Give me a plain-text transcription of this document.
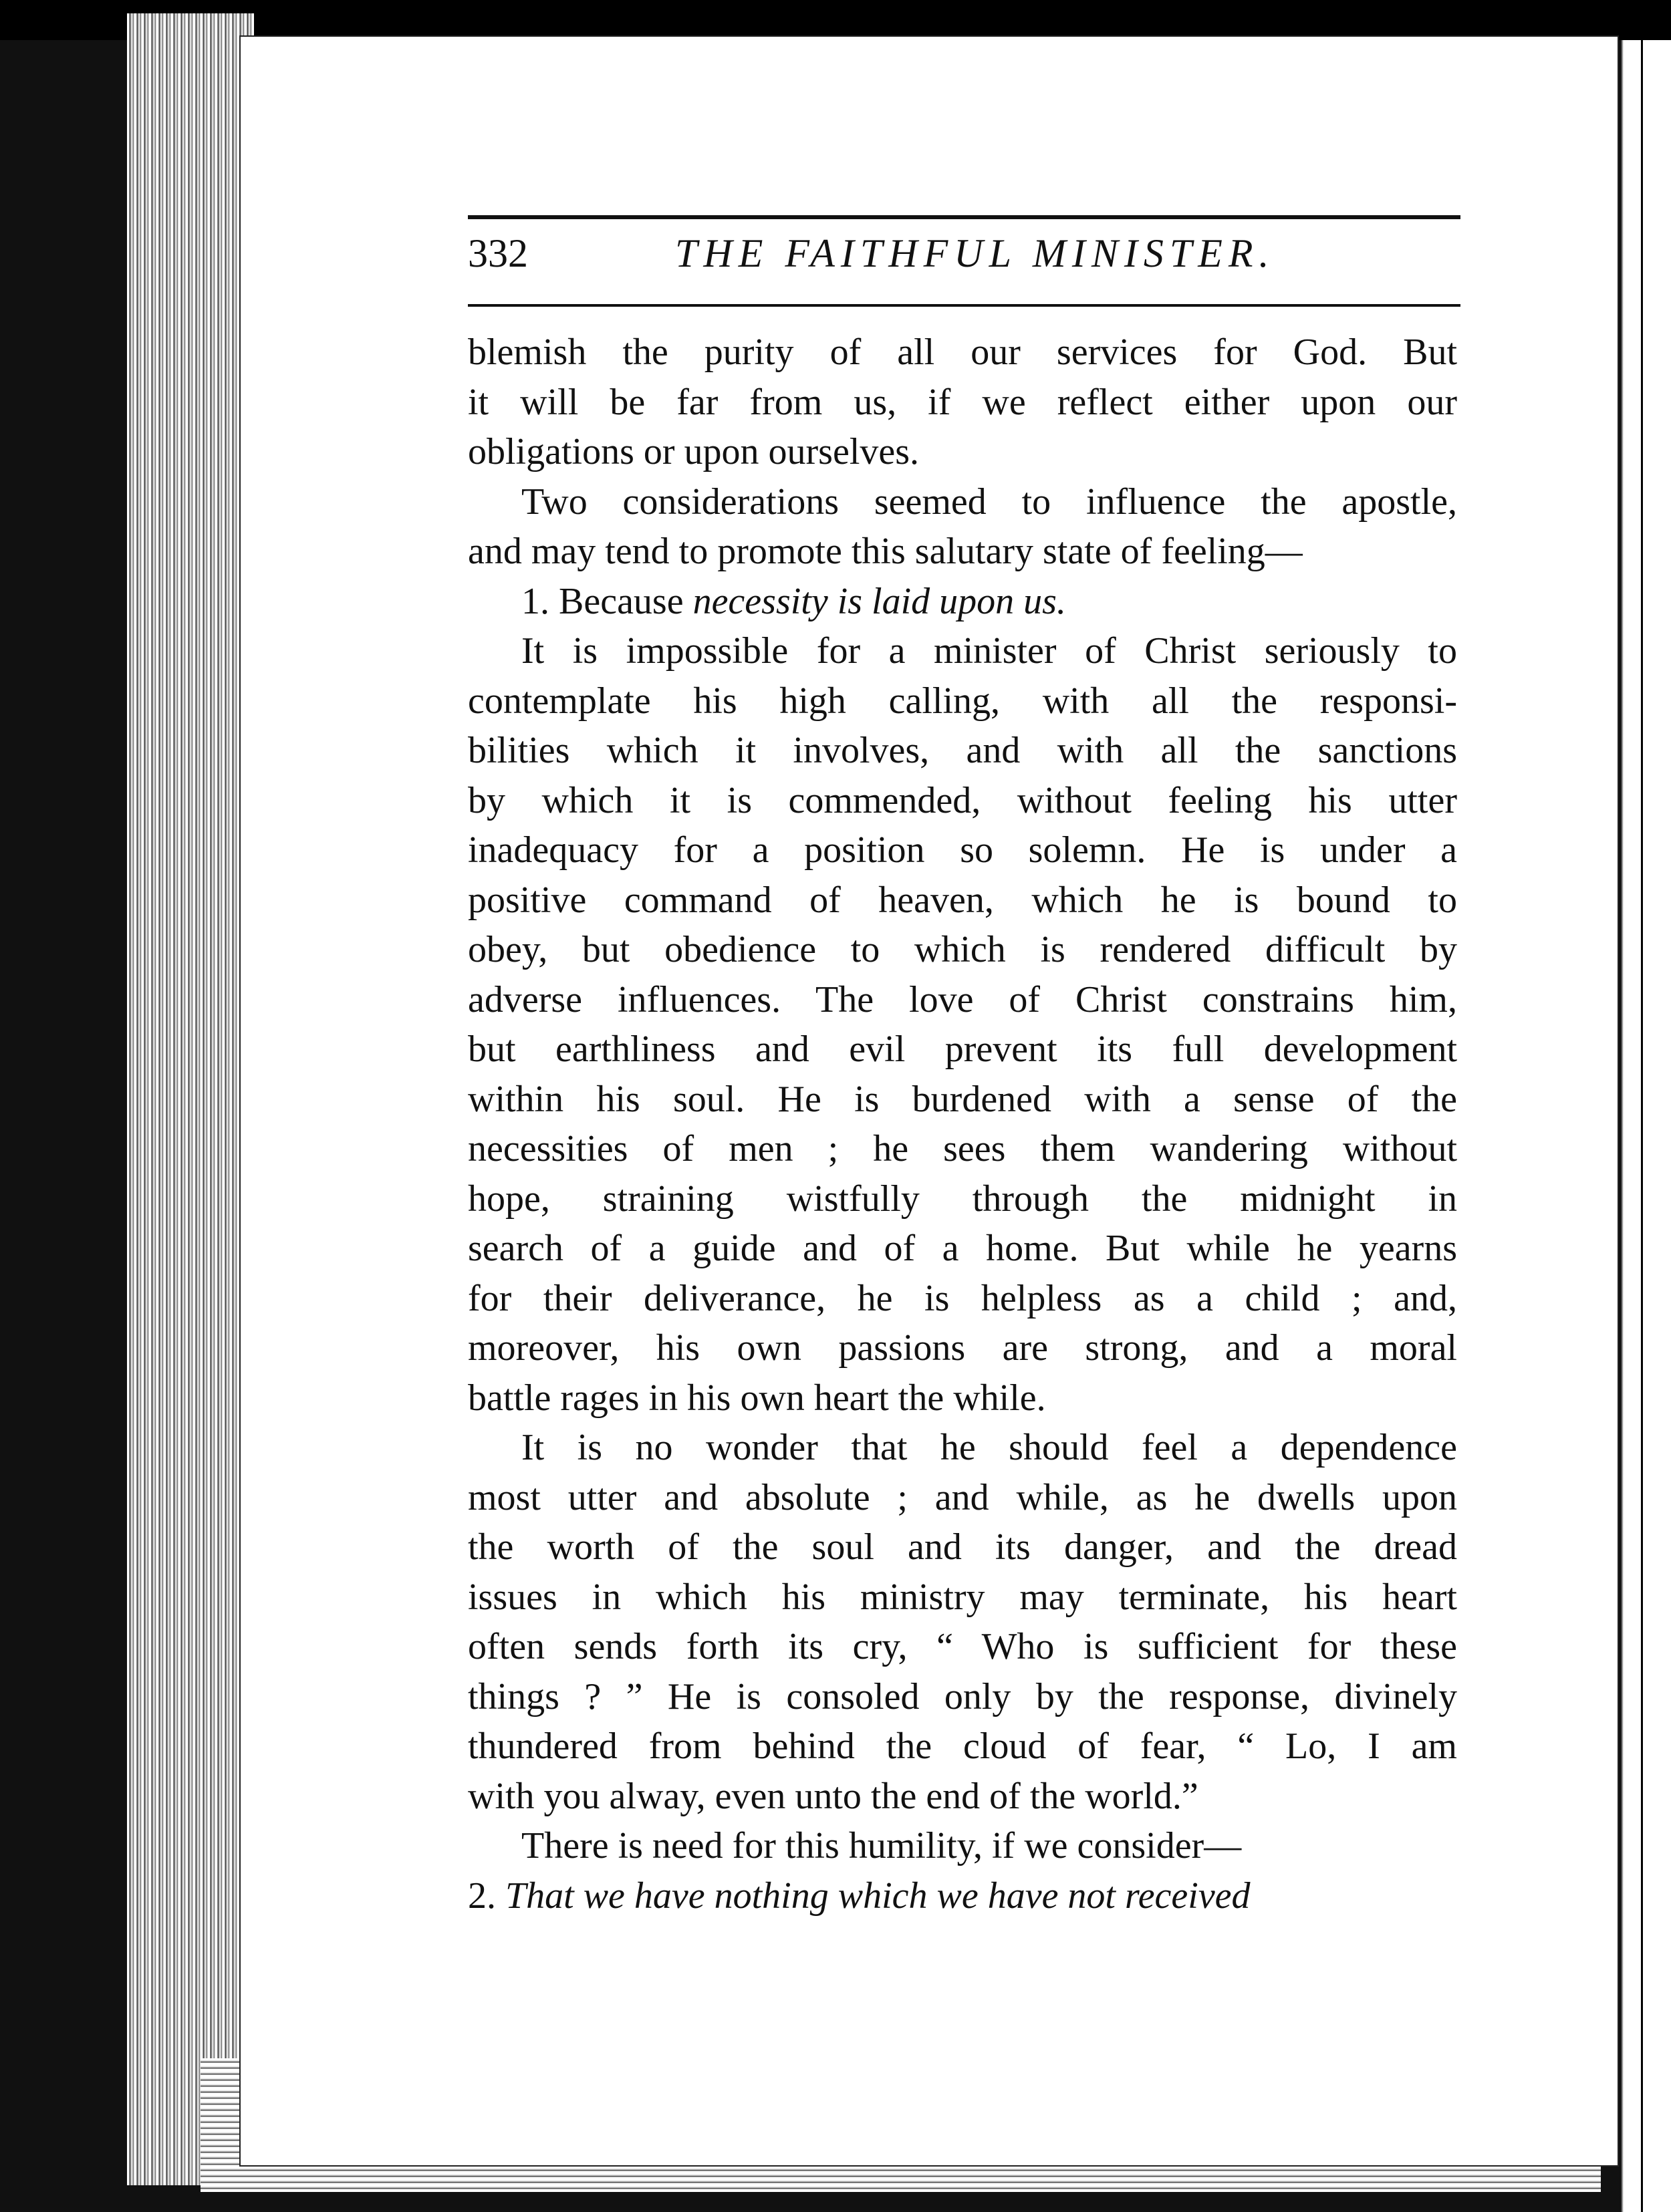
332	THE FAITHFUL MINISTER.
blemish the purity of all our services for God. But
it will be far from us, if we reflect either upon our
obligations or upon ourselves.
Two considerations seemed to influence the apostle,
and may tend to promote this salutary state of feeling—
1. Because necessity is laid upon us.
It is impossible for a minister of Christ seriously to
contemplate his high calling, with all the responsi-
bilities which it involves, and with all the sanctions
by which it is commended, without feeling his utter
inadequacy for a position so solemn. He is under a
positive command of heaven, which he is bound to
obey, but obedience to which is rendered difficult by
adverse influences. The love of Christ constrains him,
but earthliness and evil prevent its full development
within his soul. He is burdened with a sense of the
necessities of men ; he sees them wandering without
hope, straining wistfully through the midnight in
search of a guide and of a home. But while he yearns
for their deliverance, he is helpless as a child ; and,
moreover, his own passions are strong, and a moral
battle rages in his own heart the while.
It is no wonder that he should feel a dependence
most utter and absolute ; and while, as he dwells upon
the worth of the soul and its danger, and the dread
issues in which his ministry may terminate, his heart
often sends forth its cry, “ Who is sufficient for these
things ? ” He is consoled only by the response, divinely
thundered from behind the cloud of fear, “ Lo, I am
with you alway, even unto the end of the world.”
There is need for this humility, if we consider—
2. That we have nothing which we have not received
